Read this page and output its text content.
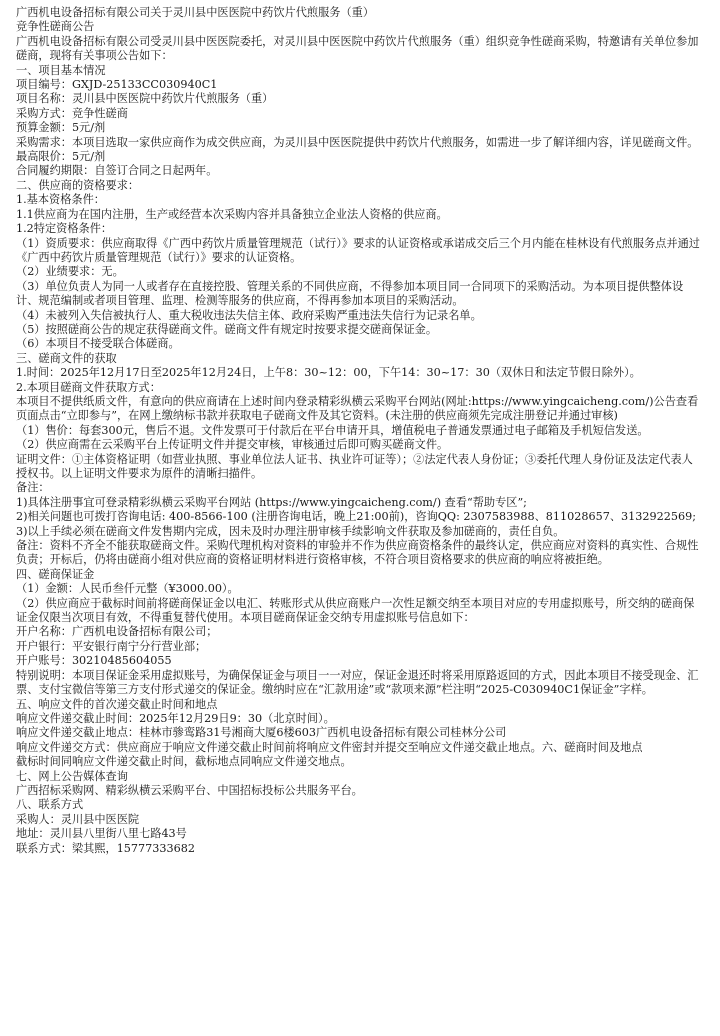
广西机电设备招标有限公司关于灵川县中医医院中药饮片代煎服务（重）

竞争性磋商公告

广西机电设备招标有限公司受灵川县中医医院委托，对灵川县中医医院中药饮片代煎服务（重）组织竞争性磋商采购，特邀请有关单位参加磋商，现将有关事项公告如下：

一、项目基本情况

项目编号：GXJD-25133CC030940C1

项目名称：灵川县中医医院中药饮片代煎服务（重）

采购方式：竞争性磋商

预算金额：5元/剂

采购需求：本项目选取一家供应商作为成交供应商，为灵川县中医医院提供中药饮片代煎服务，如需进一步了解详细内容，详见磋商文件。

最高限价：5元/剂

合同履约期限：自签订合同之日起两年。

二、供应商的资格要求：

1.基本资格条件：

1.1供应商为在国内注册，生产或经营本次采购内容并具备独立企业法人资格的供应商。

1.2特定资格条件：

（1）资质要求：供应商取得《广西中药饮片质量管理规范（试行）》要求的认证资格或承诺成交后三个月内能在桂林设有代煎服务点并通过《广西中药饮片质量管理规范（试行）》要求的认证资格。

（2）业绩要求：无。

（3）单位负责人为同一人或者存在直接控股、管理关系的不同供应商，不得参加本项目同一合同项下的采购活动。为本项目提供整体设计、规范编制或者项目管理、监理、检测等服务的供应商，不得再参加本项目的采购活动。

（4）未被列入失信被执行人、重大税收违法失信主体、政府采购严重违法失信行为记录名单。

（5）按照磋商公告的规定获得磋商文件。磋商文件有规定时按要求提交磋商保证金。

（6）本项目不接受联合体磋商。

三、磋商文件的获取

1.时间：2025年12月17日至2025年12月24日，上午8：30~12：00，下午14：30~17：30（双休日和法定节假日除外）。

2.本项目磋商文件获取方式：

本项目不提供纸质文件，有意向的供应商请在上述时间内登录精彩纵横云采购平台网站(网址:https://www.yingcaicheng.com/)公告查看页面点击“立即参与”，在网上缴纳标书款并获取电子磋商文件及其它资料。(未注册的供应商须先完成注册登记并通过审核)

（1）售价：每套300元，售后不退。文件发票可于付款后在平台申请开具，增值税电子普通发票通过电子邮箱及手机短信发送。

（2）供应商需在云采购平台上传证明文件并提交审核，审核通过后即可购买磋商文件。

证明文件：①主体资格证明（如营业执照、事业单位法人证书、执业许可证等）；②法定代表人身份证；③委托代理人身份证及法定代表人授权书。以上证明文件要求为原件的清晰扫描件。

备注：

1)具体注册事宜可登录精彩纵横云采购平台网站 (https://www.yingcaicheng.com/) 查看“帮助专区”;

2)相关问题也可拨打咨询电话: 400-8566-100 (注册咨询电话，晚上21:00前)，咨询QQ: 2307583988、811028657、3132922569;

3)以上手续必须在磋商文件发售期内完成，因未及时办理注册审核手续影响文件获取及参加磋商的，责任自负。

备注：资料不齐全不能获取磋商文件。采购代理机构对资料的审验并不作为供应商资格条件的最终认定，供应商应对资料的真实性、合规性负责；开标后，仍将由磋商小组对供应商的资格证明材料进行资格审核，不符合项目资格要求的供应商的响应将被拒绝。

四、磋商保证金

（1）金额：人民币叁仟元整（¥3000.00）。

（2）供应商应于截标时间前将磋商保证金以电汇、转账形式从供应商账户一次性足额交纳至本项目对应的专用虚拟账号，所交纳的磋商保证金仅限当次项目有效，不得重复替代使用。本项目磋商保证金交纳专用虚拟账号信息如下：

开户名称：广西机电设备招标有限公司；

开户银行：平安银行南宁分行营业部；

开户账号：30210485604055

特别说明：本项目保证金采用虚拟账号，为确保保证金与项目一一对应，保证金退还时将采用原路返回的方式，因此本项目不接受现金、汇票、支付宝微信等第三方支付形式递交的保证金。缴纳时应在“汇款用途”或“款项来源”栏注明“2025-C030940C1保证金”字样。

五、响应文件的首次递交截止时间和地点

响应文件递交截止时间：2025年12月29日9：30（北京时间）。

响应文件递交截止地点：桂林市骖鸾路31号湘商大厦6楼603广西机电设备招标有限公司桂林分公司

响应文件递交方式：供应商应于响应文件递交截止时间前将响应文件密封并提交至响应文件递交截止地点。六、磋商时间及地点

截标时间同响应文件递交截止时间，截标地点同响应文件递交地点。

七、网上公告媒体查询

广西招标采购网、精彩纵横云采购平台、中国招标投标公共服务平台。

八、联系方式

采购人：灵川县中医医院

地址：灵川县八里街八里七路43号

联系方式：梁其熙，15777333682
